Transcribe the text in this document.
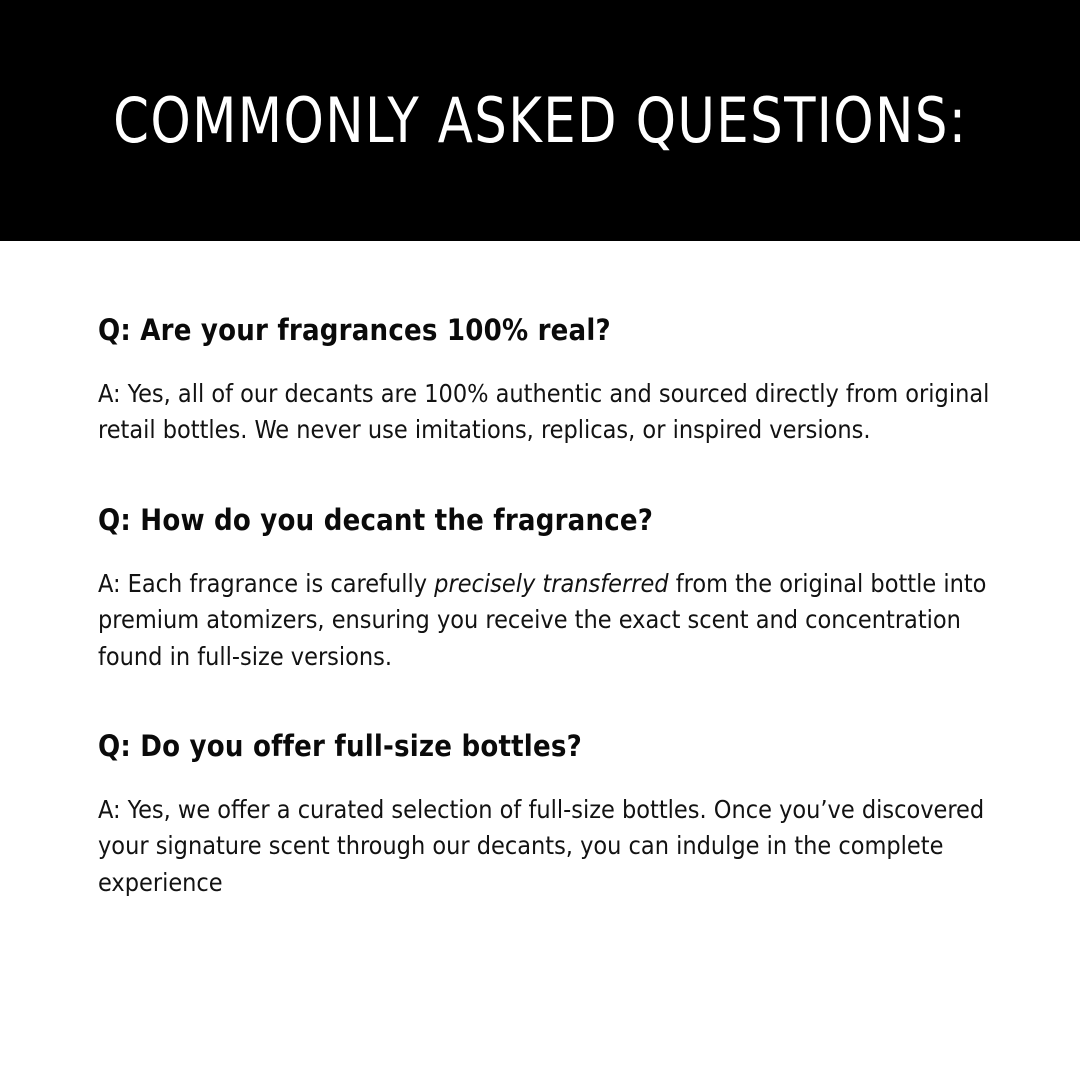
COMMONLY ASKED QUESTIONS:

Q: Are your fragrances 100% real?

A: Yes, all of our decants are 100% authentic and sourced directly from original retail bottles. We never use imitations, replicas, or inspired versions.

Q: How do you decant the fragrance?

A: Each fragrance is carefully precisely transferred from the original bottle into premium atomizers, ensuring you receive the exact scent and concentration found in full-size versions.

Q: Do you offer full-size bottles?

A: Yes, we offer a curated selection of full-size bottles. Once you’ve discovered your signature scent through our decants, you can indulge in the complete experience
